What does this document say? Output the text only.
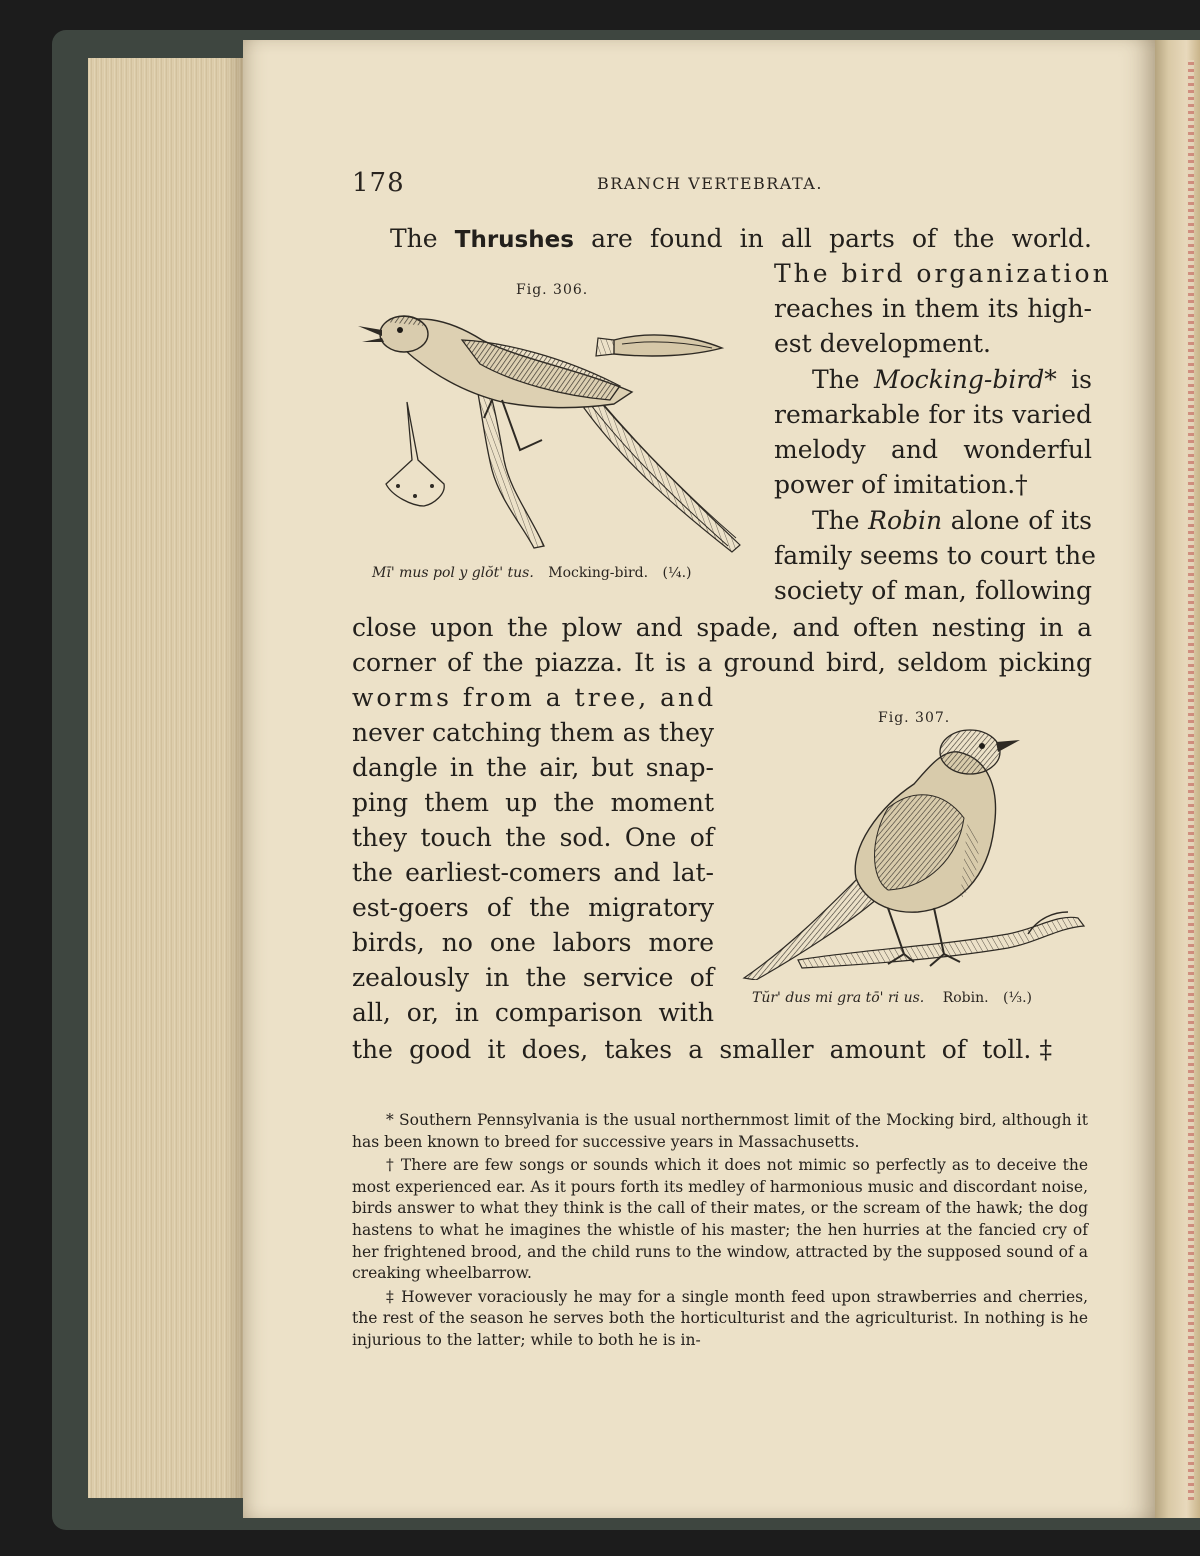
178	BRANCH VERTEBRATA.
The Thrushes are found in all parts of the world.
The bird organization
reaches in them its high-
est development.
The Mocking-bird* is
remarkable for its varied
melody and wonderful
power of imitation.†
The Robin alone of its
family seems to court the
society of man, following
close upon the plow and spade, and often nesting in a
corner of the piazza. It is a ground bird, seldom picking
worms from a tree, and
never catching them as they
dangle in the air, but snap-
ping them up the moment
they touch the sod. One of
the earliest-comers and lat-
est-goers of the migratory
birds, no one labors more
zealously in the service of
all, or, in comparison with
the good it does, takes a smaller amount of toll.‡
Fig. 306.
Mī' mus pol y glŏt' tus. Mocking-bird. (¼.)
Fig. 307.
Tŭr' dus mi gra tō' ri us. Robin. (⅓.)

* Southern Pennsylvania is the usual northernmost limit of the Mocking bird, although it has been known to breed for successive years in Massachusetts.

† There are few songs or sounds which it does not mimic so perfectly as to deceive the most experienced ear. As it pours forth its medley of harmonious music and discordant noise, birds answer to what they think is the call of their mates, or the scream of the hawk; the dog hastens to what he imagines the whistle of his master; the hen hurries at the fancied cry of her frightened brood, and the child runs to the window, attracted by the supposed sound of a creaking wheelbarrow.

‡ However voraciously he may for a single month feed upon strawberries and cherries, the rest of the season he serves both the horticulturist and the agriculturist. In nothing is he injurious to the latter; while to both he is in-
